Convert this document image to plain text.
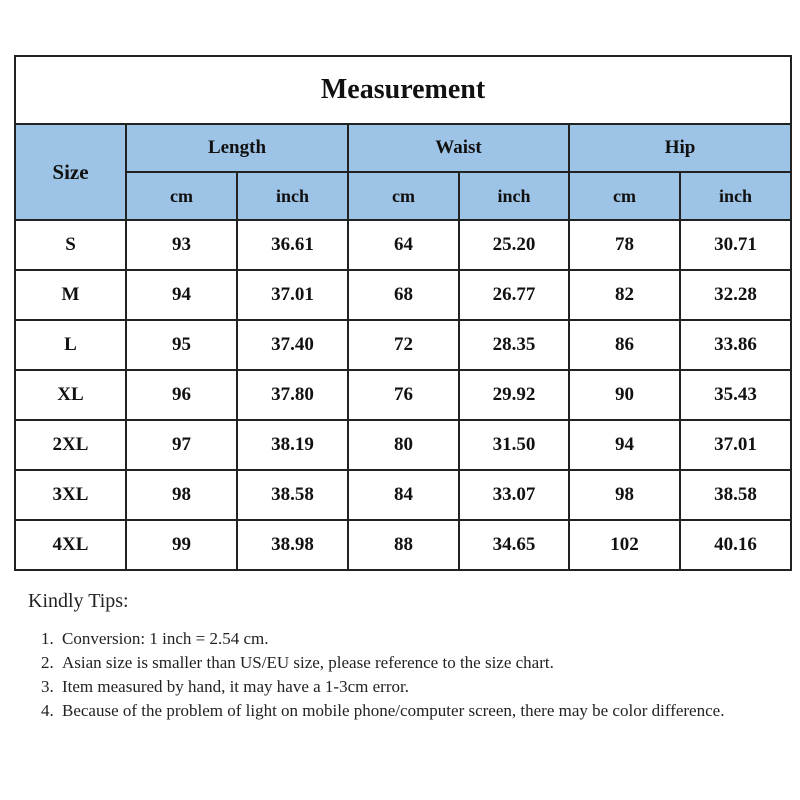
Measurement						
Size	Length		Waist		Hip	
	cm	inch	cm	inch	cm	inch
S	93	36.61	64	25.20	78	30.71
M	94	37.01	68	26.77	82	32.28
L	95	37.40	72	28.35	86	33.86
XL	96	37.80	76	29.92	90	35.43
2XL	97	38.19	80	31.50	94	37.01
3XL	98	38.58	84	33.07	98	38.58
4XL	99	38.98	88	34.65	102	40.16

Kindly Tips:

1. Conversion: 1 inch = 2.54 cm.
2. Asian size is smaller than US/EU size, please reference to the size chart.
3. Item measured by hand, it may have a 1-3cm error.
4. Because of the problem of light on mobile phone/computer screen, there may be color difference.
